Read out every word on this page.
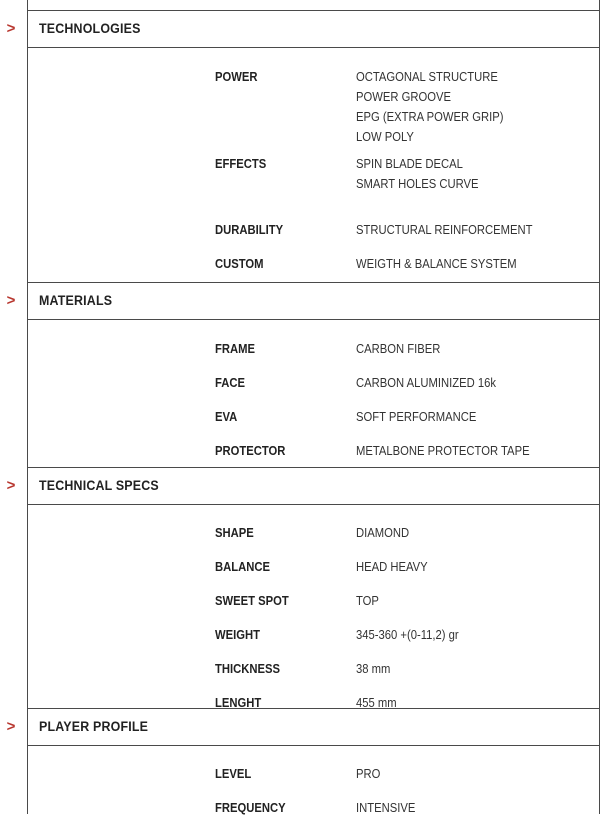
> TECHNOLOGIES
POWER	OCTAGONAL STRUCTURE
POWER GROOVE
EPG (EXTRA POWER GRIP)
LOW POLY
EFFECTS	SPIN BLADE DECAL
SMART HOLES CURVE
DURABILITY	STRUCTURAL REINFORCEMENT
CUSTOM	WEIGTH & BALANCE SYSTEM
> MATERIALS
FRAME	CARBON FIBER
FACE	CARBON ALUMINIZED 16k
EVA	SOFT PERFORMANCE
PROTECTOR	METALBONE PROTECTOR TAPE
> TECHNICAL SPECS
SHAPE	DIAMOND
BALANCE	HEAD HEAVY
SWEET SPOT	TOP
WEIGHT	345-360 +(0-11,2) gr
THICKNESS	38 mm
LENGHT	455 mm
> PLAYER PROFILE
LEVEL	PRO
FREQUENCY	INTENSIVE
